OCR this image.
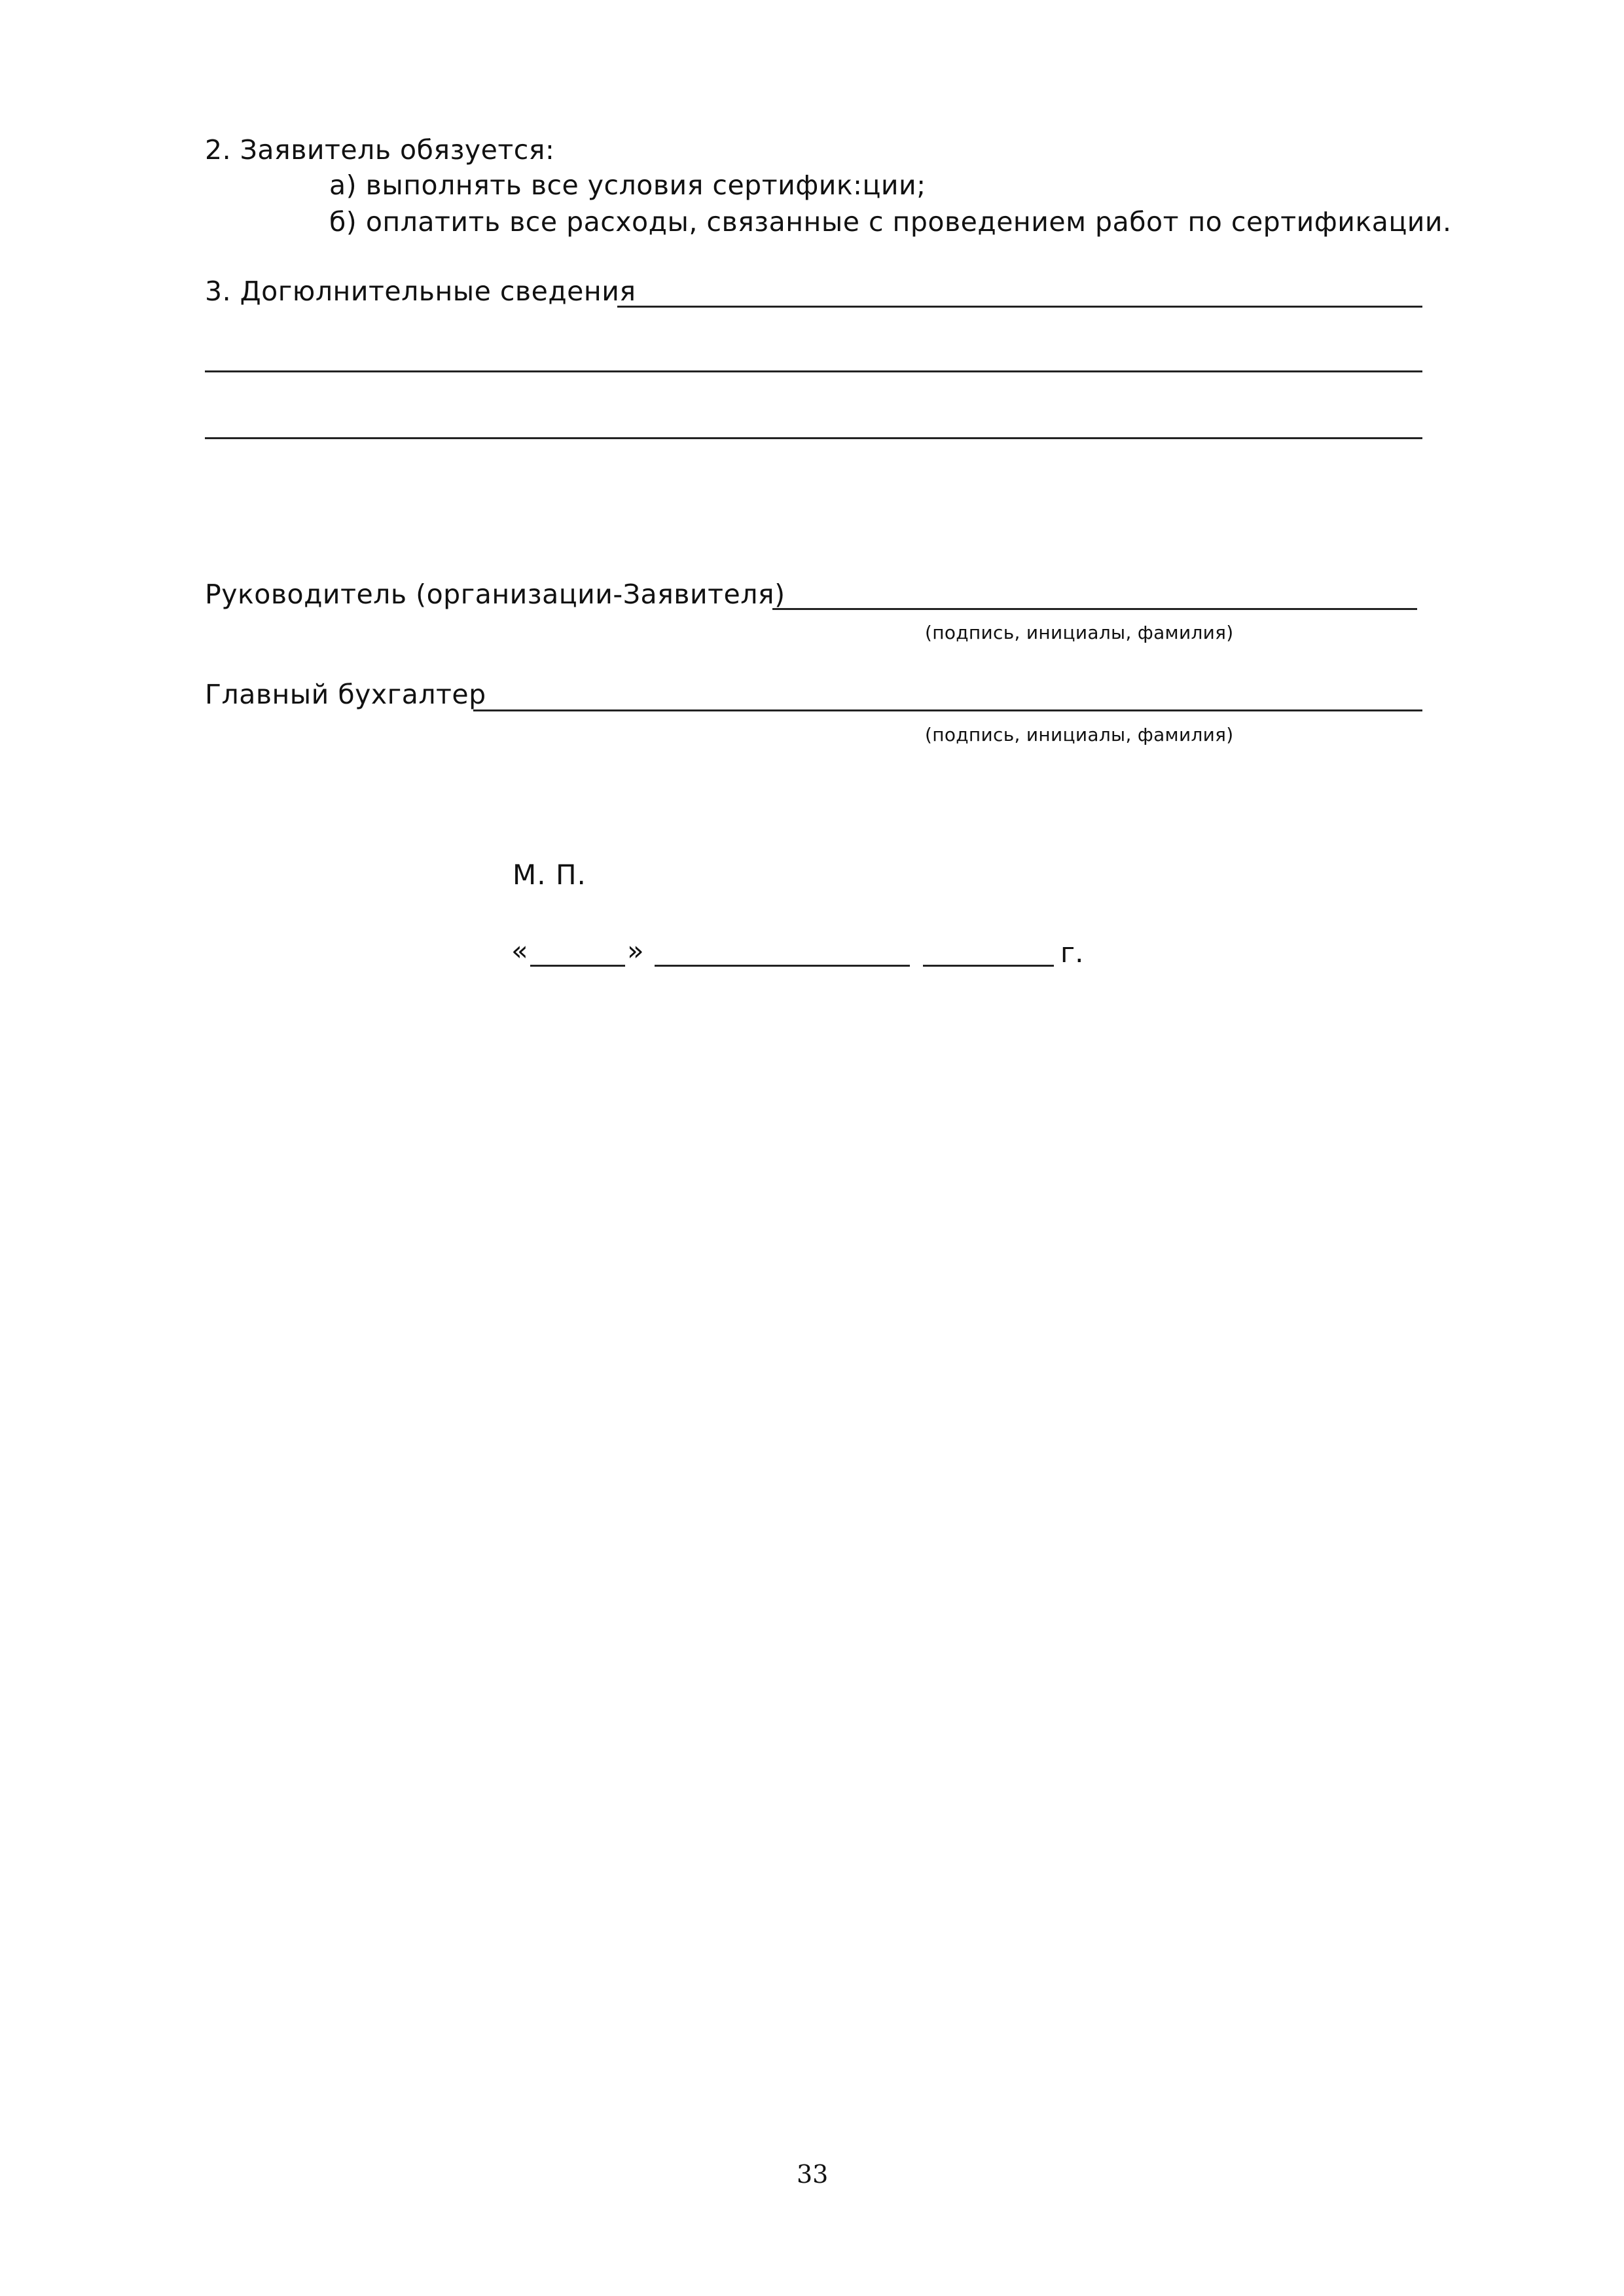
2. Заявитель обязуется:
а) выполнять все условия сертифик:ции;
б) оплатить все расходы, связанные с проведением работ по сертификации.
3. Догюлнительные сведения
Руководитель (организации-Заявителя)
(подпись, инициалы, фамилия)
Главный бухгалтер
(подпись, инициалы, фамилия)
М. П.
«	»	г.
33
